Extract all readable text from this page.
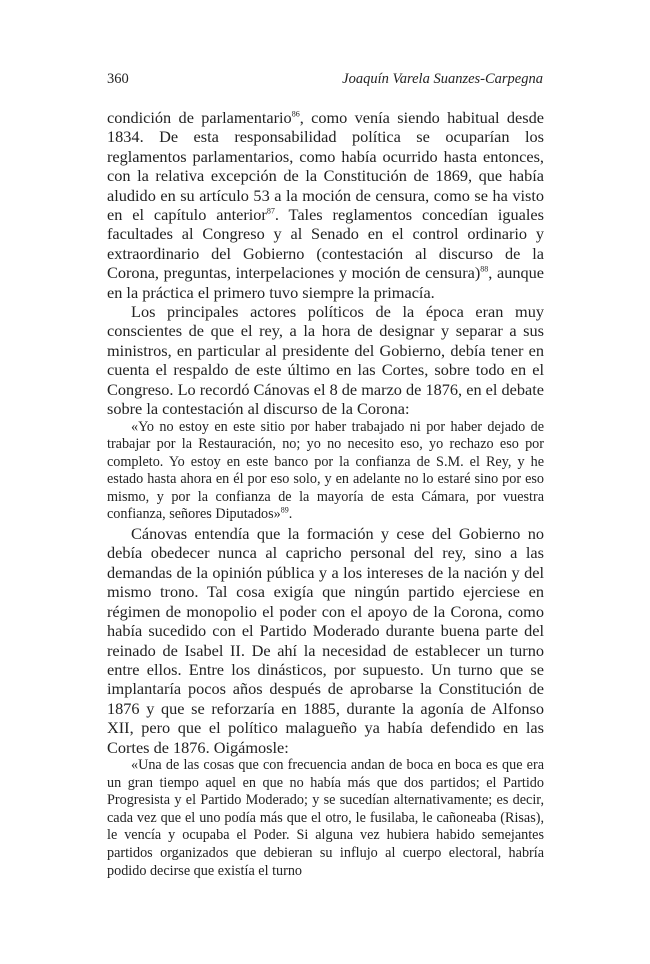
360	Joaquín Varela Suanzes-Carpegna

condición de parlamentario$^{86}$, como venía siendo habitual desde 1834. De esta responsabilidad política se ocuparían los reglamentos parlamentarios, como había ocurrido hasta entonces, con la relativa excepción de la Constitución de 1869, que había aludido en su artículo 53 a la moción de censura, como se ha visto en el capítulo anterior$^{87}$. Tales reglamentos concedían iguales facultades al Congreso y al Senado en el control ordinario y extraordinario del Gobierno (contestación al discurso de la Corona, preguntas, interpelaciones y moción de censura)$^{88}$, aunque en la práctica el primero tuvo siempre la primacía.

Los principales actores políticos de la época eran muy conscientes de que el rey, a la hora de designar y separar a sus ministros, en particular al presidente del Gobierno, debía tener en cuenta el respaldo de este último en las Cortes, sobre todo en el Congreso. Lo recordó Cánovas el 8 de marzo de 1876, en el debate sobre la contestación al discurso de la Corona:

«Yo no estoy en este sitio por haber trabajado ni por haber dejado de trabajar por la Restauración, no; yo no necesito eso, yo rechazo eso por completo. Yo estoy en este banco por la confianza de S.M. el Rey, y he estado hasta ahora en él por eso solo, y en adelante no lo estaré sino por eso mismo, y por la confianza de la mayoría de esta Cámara, por vuestra confianza, señores Diputados»$^{89}$.

Cánovas entendía que la formación y cese del Gobierno no debía obedecer nunca al capricho personal del rey, sino a las demandas de la opinión pública y a los intereses de la nación y del mismo trono. Tal cosa exigía que ningún partido ejerciese en régimen de monopolio el poder con el apoyo de la Corona, como había sucedido con el Partido Moderado durante buena parte del reinado de Isabel II. De ahí la necesidad de establecer un turno entre ellos. Entre los dinásticos, por supuesto. Un turno que se implantaría pocos años después de aprobarse la Constitución de 1876 y que se reforzaría en 1885, durante la agonía de Alfonso XII, pero que el político malagueño ya había defendido en las Cortes de 1876. Oigámosle:

«Una de las cosas que con frecuencia andan de boca en boca es que era un gran tiempo aquel en que no había más que dos partidos; el Partido Progresista y el Partido Moderado; y se sucedían alternativamente; es decir, cada vez que el uno podía más que el otro, le fusilaba, le cañoneaba (Risas), le vencía y ocupaba el Poder. Si alguna vez hubiera habido semejantes partidos organizados que debieran su influjo al cuerpo electoral, habría podido decirse que existía el turno
